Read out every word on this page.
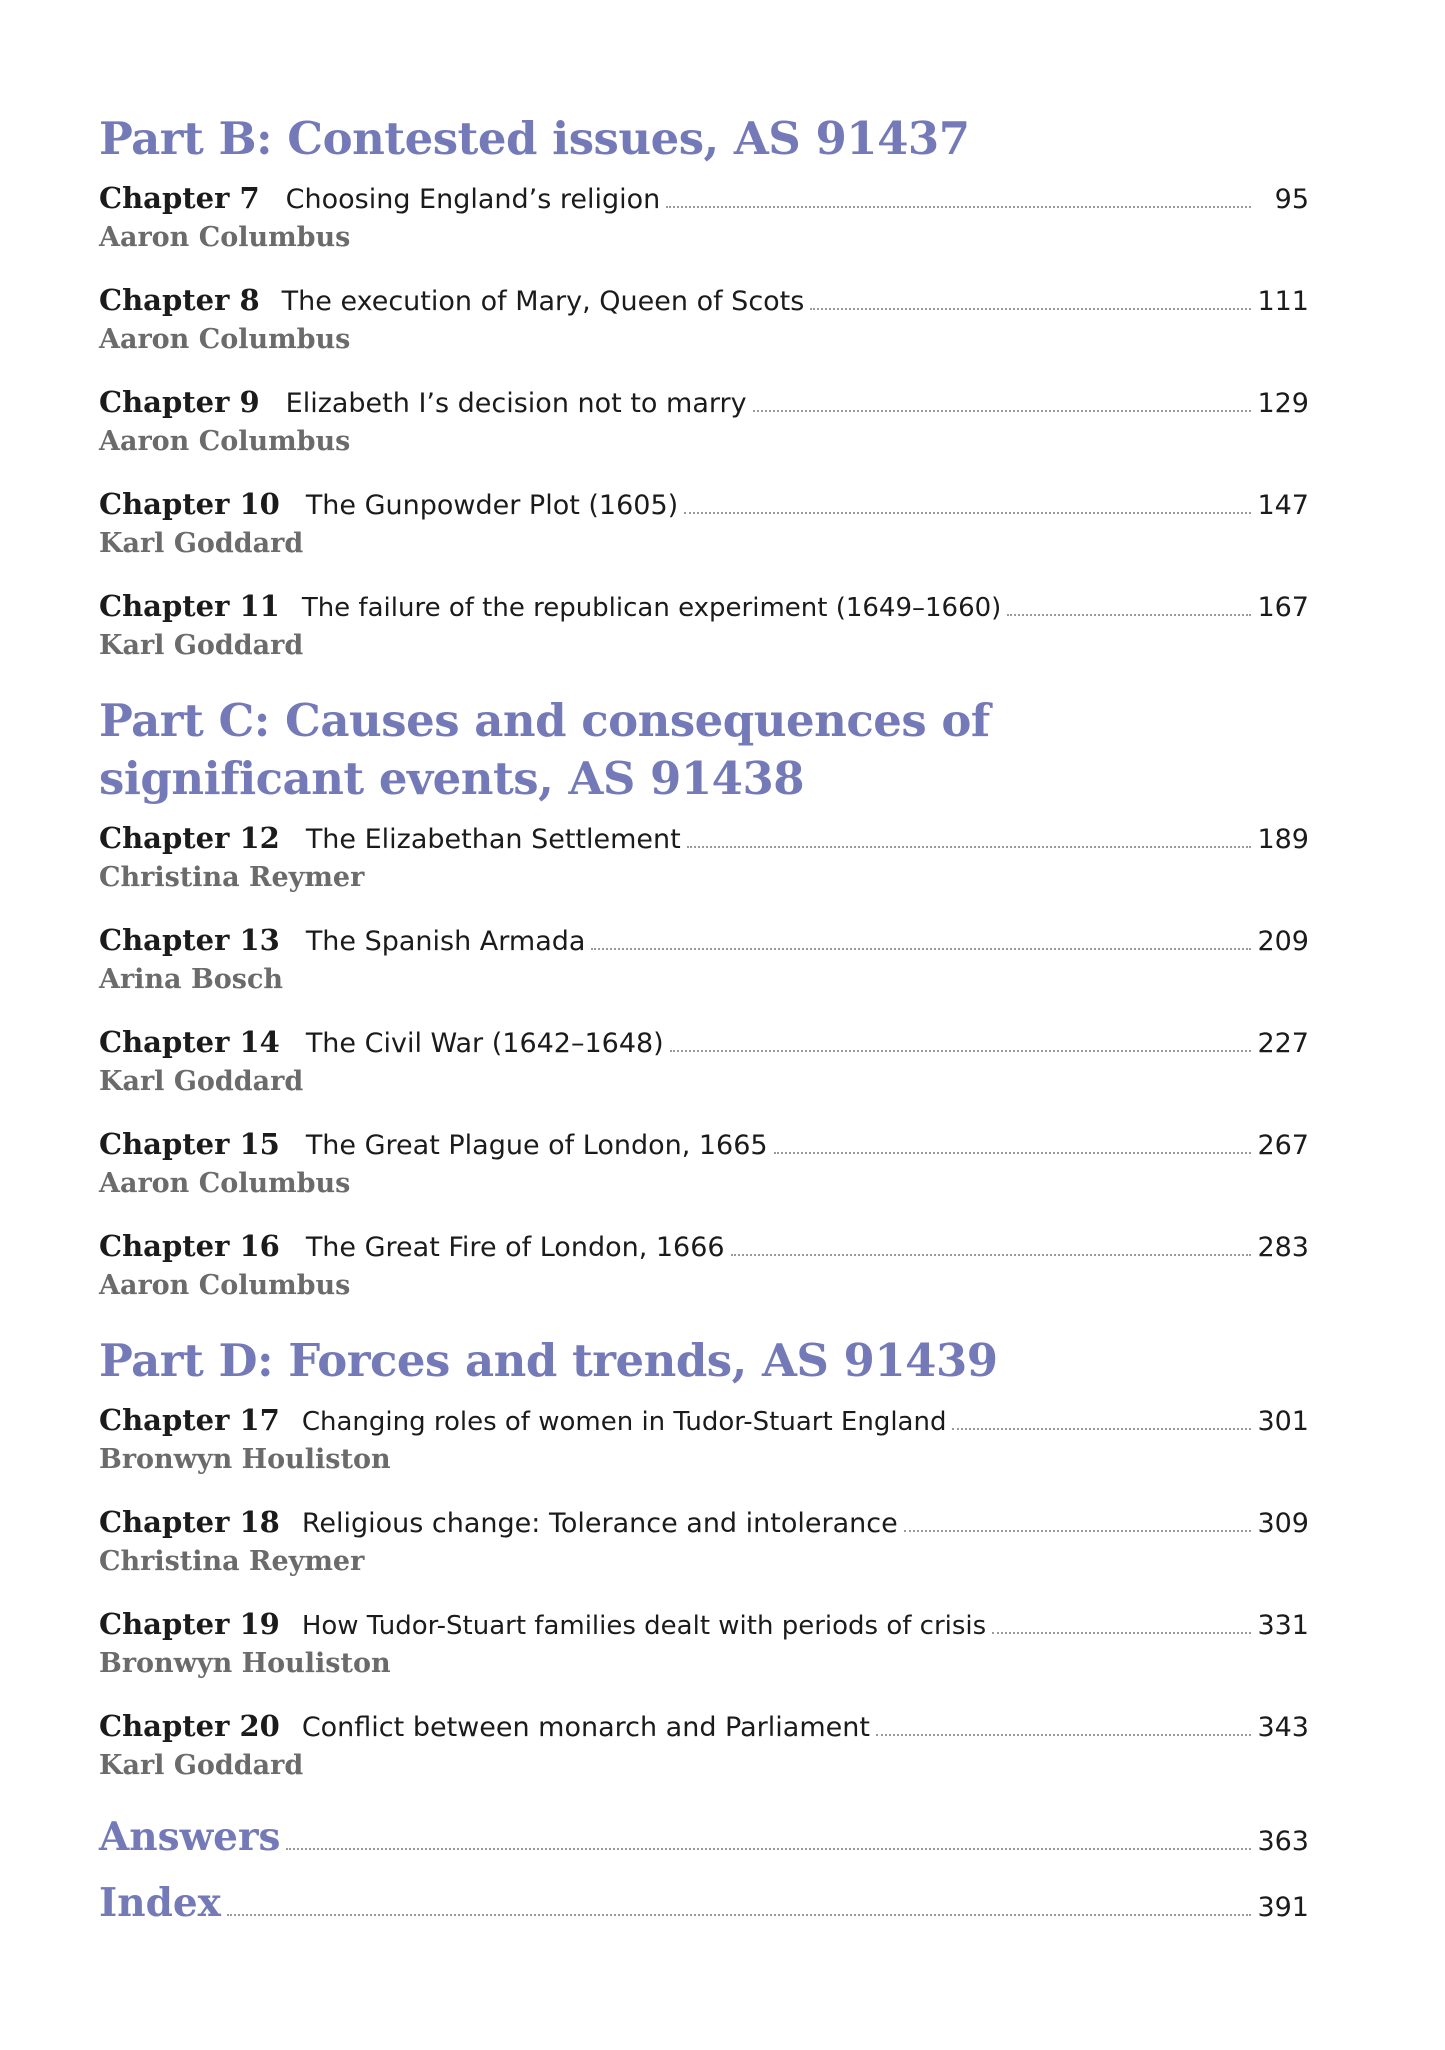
Part B: Contested issues, AS 91437
Chapter 7 Choosing England’s religion	95
Aaron Columbus
Chapter 8 The execution of Mary, Queen of Scots	111
Aaron Columbus
Chapter 9 Elizabeth I’s decision not to marry	129
Aaron Columbus
Chapter 10 The Gunpowder Plot (1605)	147
Karl Goddard
Chapter 11 The failure of the republican experiment (1649–1660)	167
Karl Goddard
Part C: Causes and consequences of significant events, AS 91438
Chapter 12 The Elizabethan Settlement	189
Christina Reymer
Chapter 13 The Spanish Armada	209
Arina Bosch
Chapter 14 The Civil War (1642–1648)	227
Karl Goddard
Chapter 15 The Great Plague of London, 1665	267
Aaron Columbus
Chapter 16 The Great Fire of London, 1666	283
Aaron Columbus
Part D: Forces and trends, AS 91439
Chapter 17 Changing roles of women in Tudor-Stuart England	301
Bronwyn Houliston
Chapter 18 Religious change: Tolerance and intolerance	309
Christina Reymer
Chapter 19 How Tudor-Stuart families dealt with periods of crisis	331
Bronwyn Houliston
Chapter 20 Conflict between monarch and Parliament	343
Karl Goddard
Answers	363
Index	391
